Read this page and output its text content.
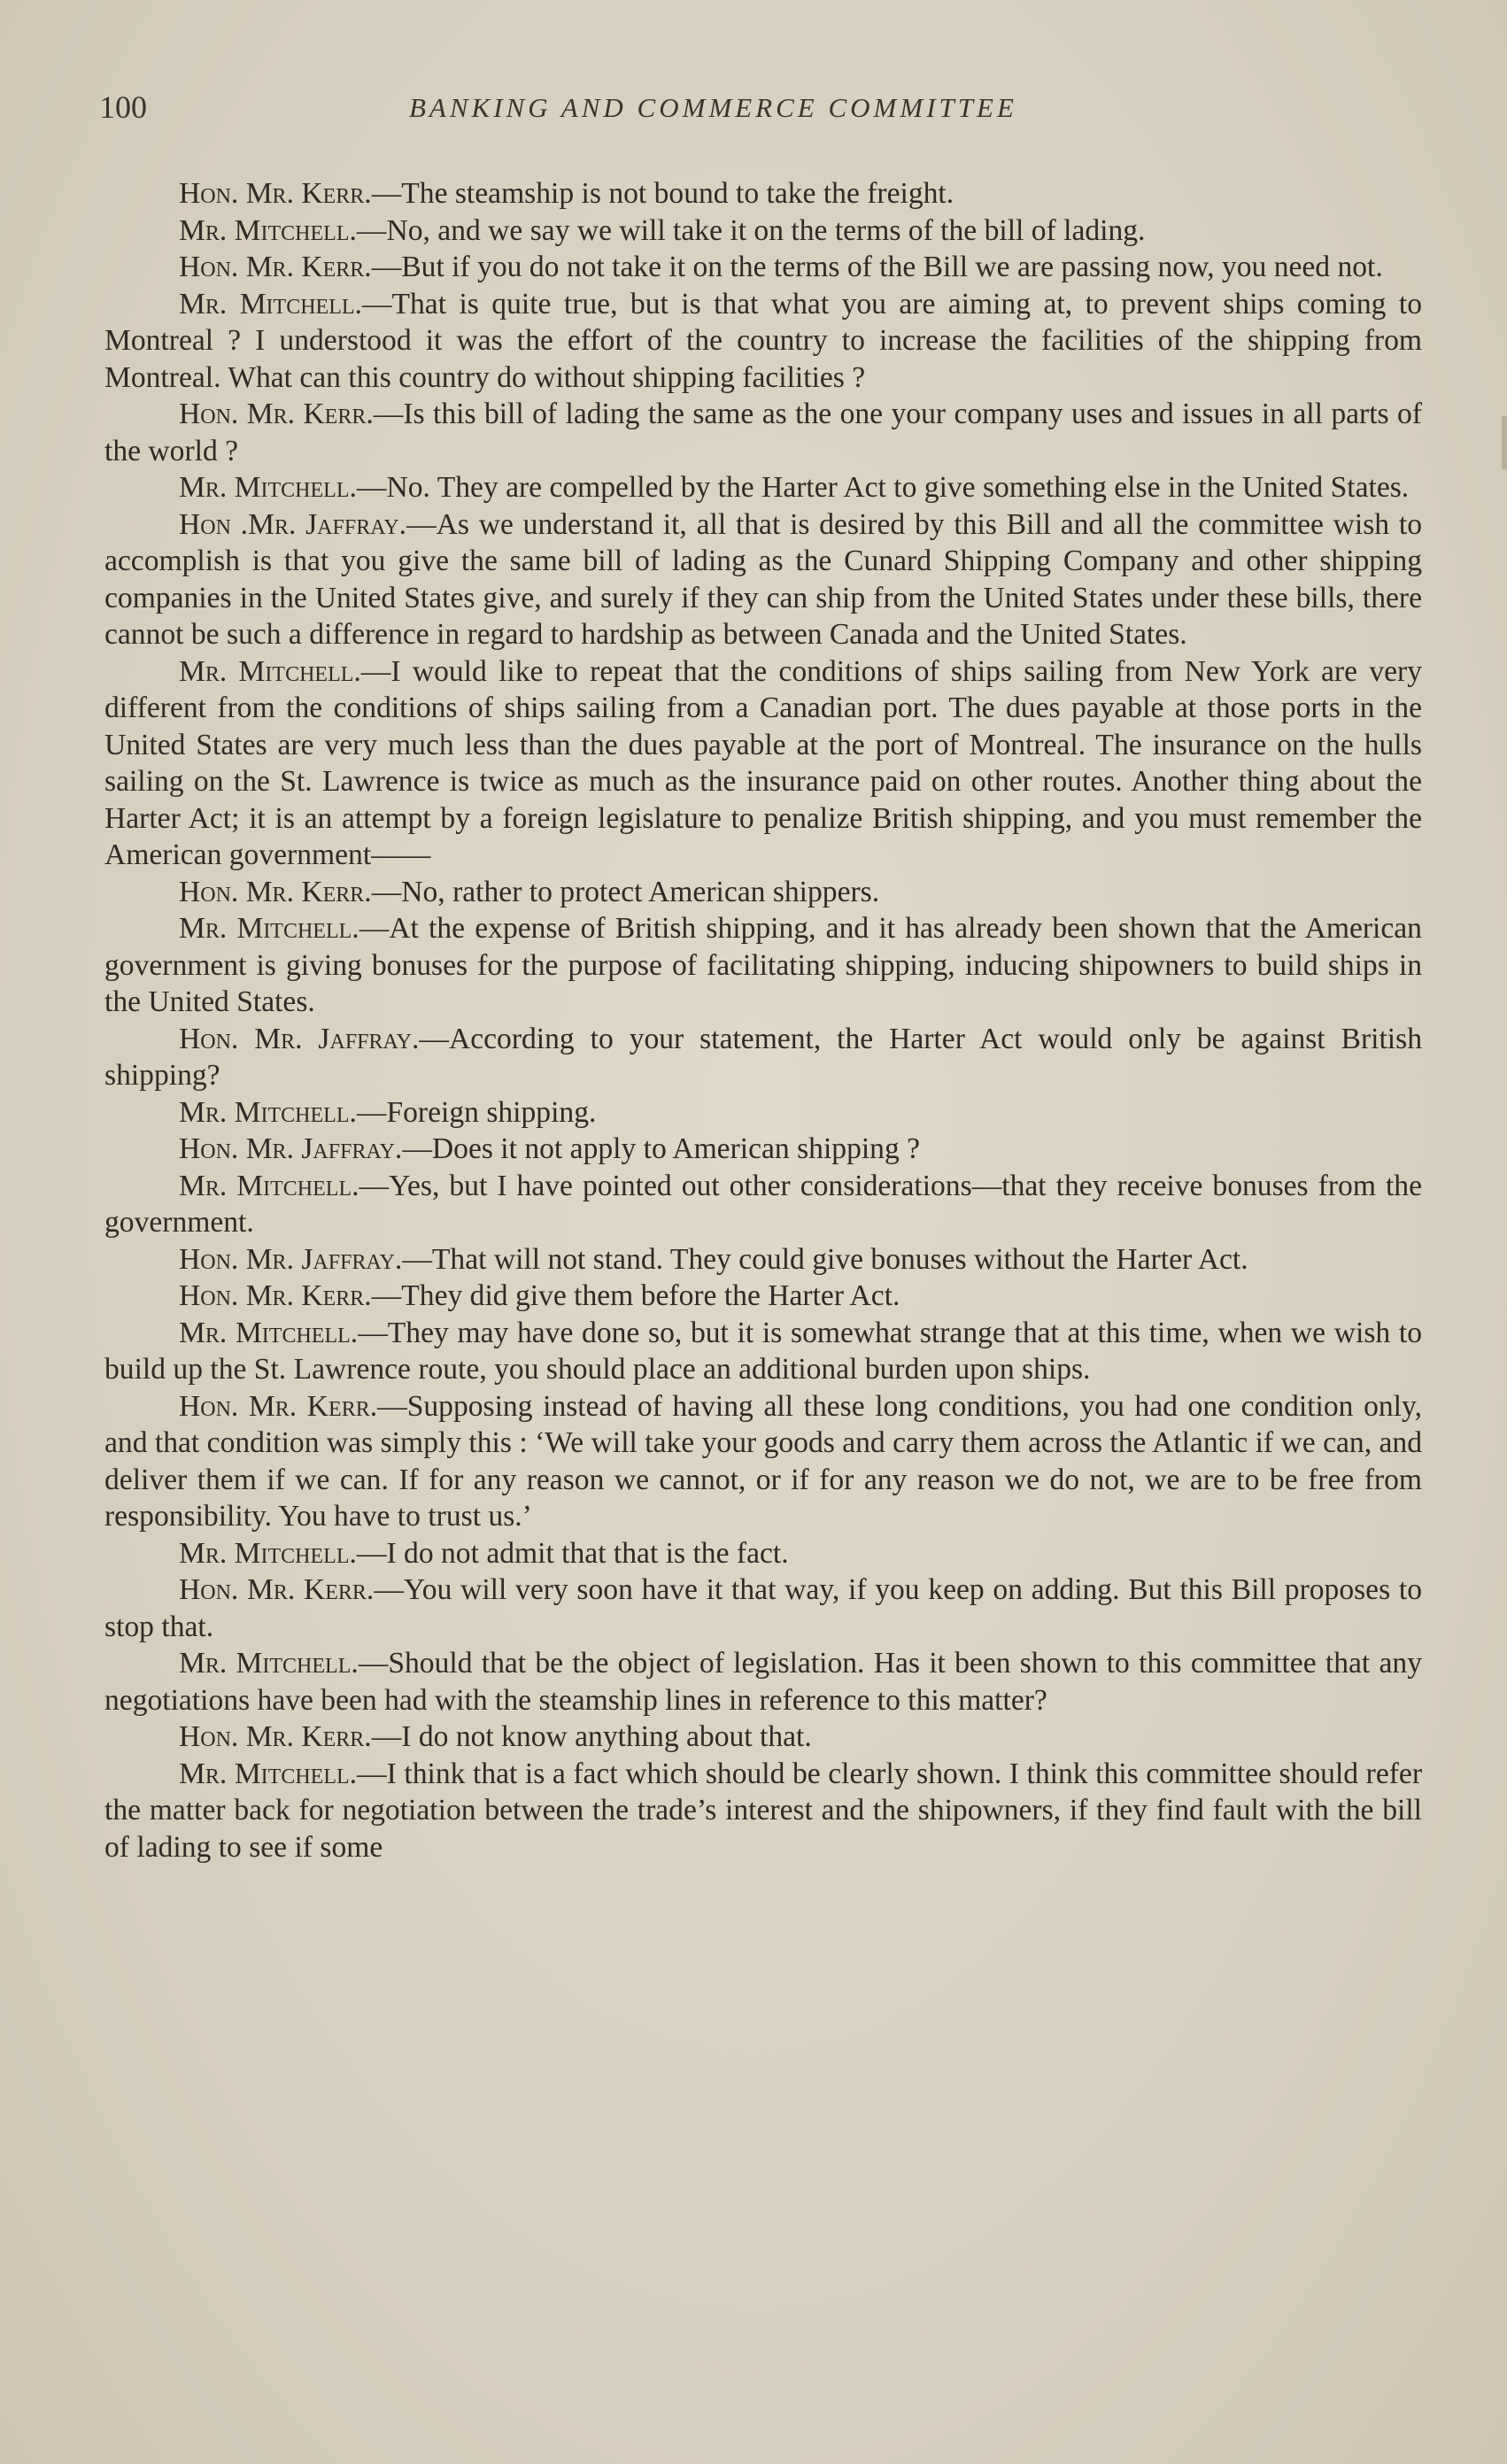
100	BANKING AND COMMERCE COMMITTEE

Hon. Mr. Kerr.—The steamship is not bound to take the freight.

Mr. Mitchell.—No, and we say we will take it on the terms of the bill of lading.

Hon. Mr. Kerr.—But if you do not take it on the terms of the Bill we are passing now, you need not.

Mr. Mitchell.—That is quite true, but is that what you are aiming at, to prevent ships coming to Montreal ? I understood it was the effort of the country to increase the facilities of the shipping from Montreal. What can this country do without shipping facilities ?

Hon. Mr. Kerr.—Is this bill of lading the same as the one your company uses and issues in all parts of the world ?

Mr. Mitchell.—No. They are compelled by the Harter Act to give something else in the United States.

Hon .Mr. Jaffray.—As we understand it, all that is desired by this Bill and all the committee wish to accomplish is that you give the same bill of lading as the Cunard Shipping Company and other shipping companies in the United States give, and surely if they can ship from the United States under these bills, there cannot be such a difference in regard to hardship as between Canada and the United States.

Mr. Mitchell.—I would like to repeat that the conditions of ships sailing from New York are very different from the conditions of ships sailing from a Canadian port. The dues payable at those ports in the United States are very much less than the dues payable at the port of Montreal. The insurance on the hulls sailing on the St. Lawrence is twice as much as the insurance paid on other routes. Another thing about the Harter Act; it is an attempt by a foreign legislature to penalize British shipping, and you must remember the American government——

Hon. Mr. Kerr.—No, rather to protect American shippers.

Mr. Mitchell.—At the expense of British shipping, and it has already been shown that the American government is giving bonuses for the purpose of facilitating shipping, inducing shipowners to build ships in the United States.

Hon. Mr. Jaffray.—According to your statement, the Harter Act would only be against British shipping?

Mr. Mitchell.—Foreign shipping.

Hon. Mr. Jaffray.—Does it not apply to American shipping ?

Mr. Mitchell.—Yes, but I have pointed out other considerations—that they receive bonuses from the government.

Hon. Mr. Jaffray.—That will not stand. They could give bonuses without the Harter Act.

Hon. Mr. Kerr.—They did give them before the Harter Act.

Mr. Mitchell.—They may have done so, but it is somewhat strange that at this time, when we wish to build up the St. Lawrence route, you should place an additional burden upon ships.

Hon. Mr. Kerr.—Supposing instead of having all these long conditions, you had one condition only, and that condition was simply this : ‘We will take your goods and carry them across the Atlantic if we can, and deliver them if we can. If for any reason we cannot, or if for any reason we do not, we are to be free from responsibility. You have to trust us.’

Mr. Mitchell.—I do not admit that that is the fact.

Hon. Mr. Kerr.—You will very soon have it that way, if you keep on adding. But this Bill proposes to stop that.

Mr. Mitchell.—Should that be the object of legislation. Has it been shown to this committee that any negotiations have been had with the steamship lines in reference to this matter?

Hon. Mr. Kerr.—I do not know anything about that.

Mr. Mitchell.—I think that is a fact which should be clearly shown. I think this committee should refer the matter back for negotiation between the trade’s interest and the shipowners, if they find fault with the bill of lading to see if some
